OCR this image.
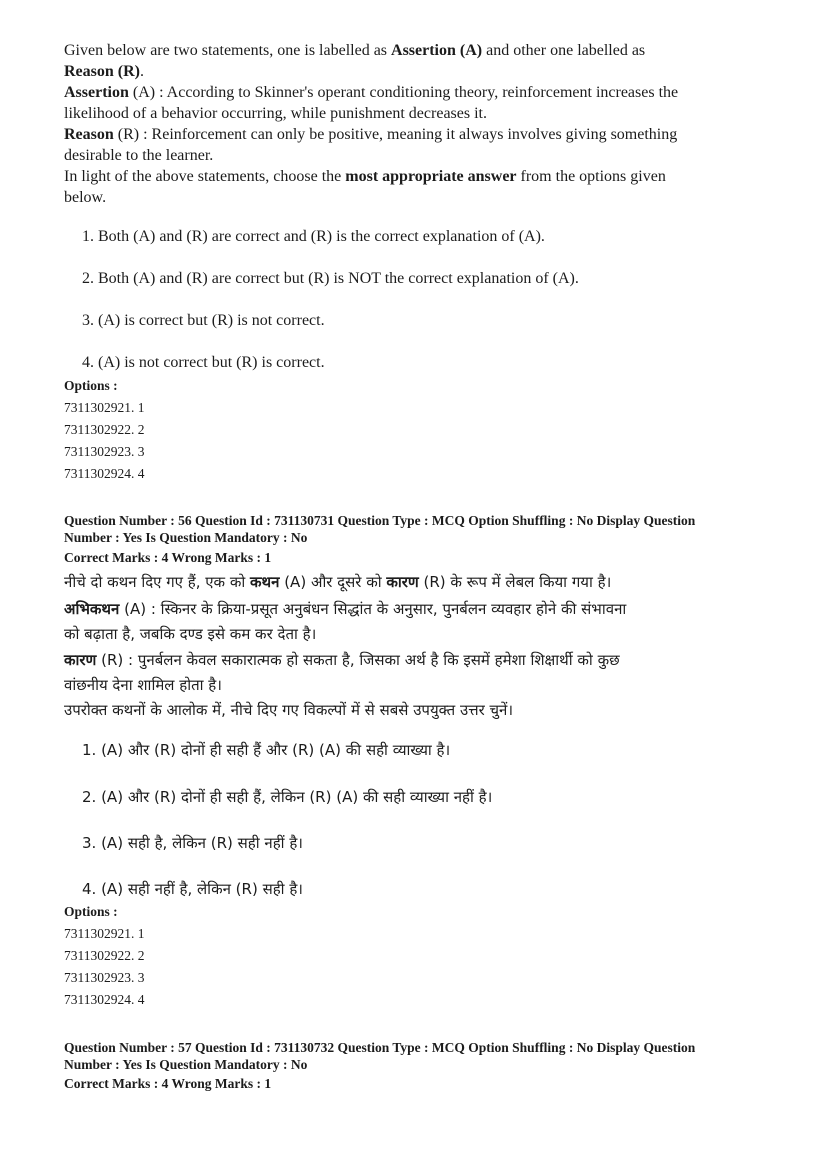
Given below are two statements, one is labelled as Assertion (A) and other one labelled as
Reason (R).
Assertion (A) : According to Skinner's operant conditioning theory, reinforcement increases the
likelihood of a behavior occurring, while punishment decreases it.
Reason (R) : Reinforcement can only be positive, meaning it always involves giving something
desirable to the learner.
In light of the above statements, choose the most appropriate answer from the options given
below.
1. Both (A) and (R) are correct and (R) is the correct explanation of (A).
2. Both (A) and (R) are correct but (R) is NOT the correct explanation of (A).
3. (A) is correct but (R) is not correct.
4. (A) is not correct but (R) is correct.
Options :
7311302921. 1
7311302922. 2
7311302923. 3
7311302924. 4
Question Number : 56 Question Id : 731130731 Question Type : MCQ Option Shuffling : No Display Question
Number : Yes Is Question Mandatory : No
Correct Marks : 4 Wrong Marks : 1
नीचे दो कथन दिए गए हैं, एक को कथन (A) और दूसरे को कारण (R) के रूप में लेबल किया गया है।
अभिकथन (A) : स्किनर के क्रिया-प्रसूत अनुबंधन सिद्धांत के अनुसार, पुनर्बलन व्यवहार होने की संभावना
को बढ़ाता है, जबकि दण्ड इसे कम कर देता है।
कारण (R) : पुनर्बलन केवल सकारात्मक हो सकता है, जिसका अर्थ है कि इसमें हमेशा शिक्षार्थी को कुछ
वांछनीय देना शामिल होता है।
उपरोक्त कथनों के आलोक में, नीचे दिए गए विकल्पों में से सबसे उपयुक्त उत्तर चुनें।
1. (A) और (R) दोनों ही सही हैं और (R) (A) की सही व्याख्या है।
2. (A) और (R) दोनों ही सही हैं, लेकिन (R) (A) की सही व्याख्या नहीं है।
3. (A) सही है, लेकिन (R) सही नहीं है।
4. (A) सही नहीं है, लेकिन (R) सही है।
Options :
7311302921. 1
7311302922. 2
7311302923. 3
7311302924. 4
Question Number : 57 Question Id : 731130732 Question Type : MCQ Option Shuffling : No Display Question
Number : Yes Is Question Mandatory : No
Correct Marks : 4 Wrong Marks : 1
